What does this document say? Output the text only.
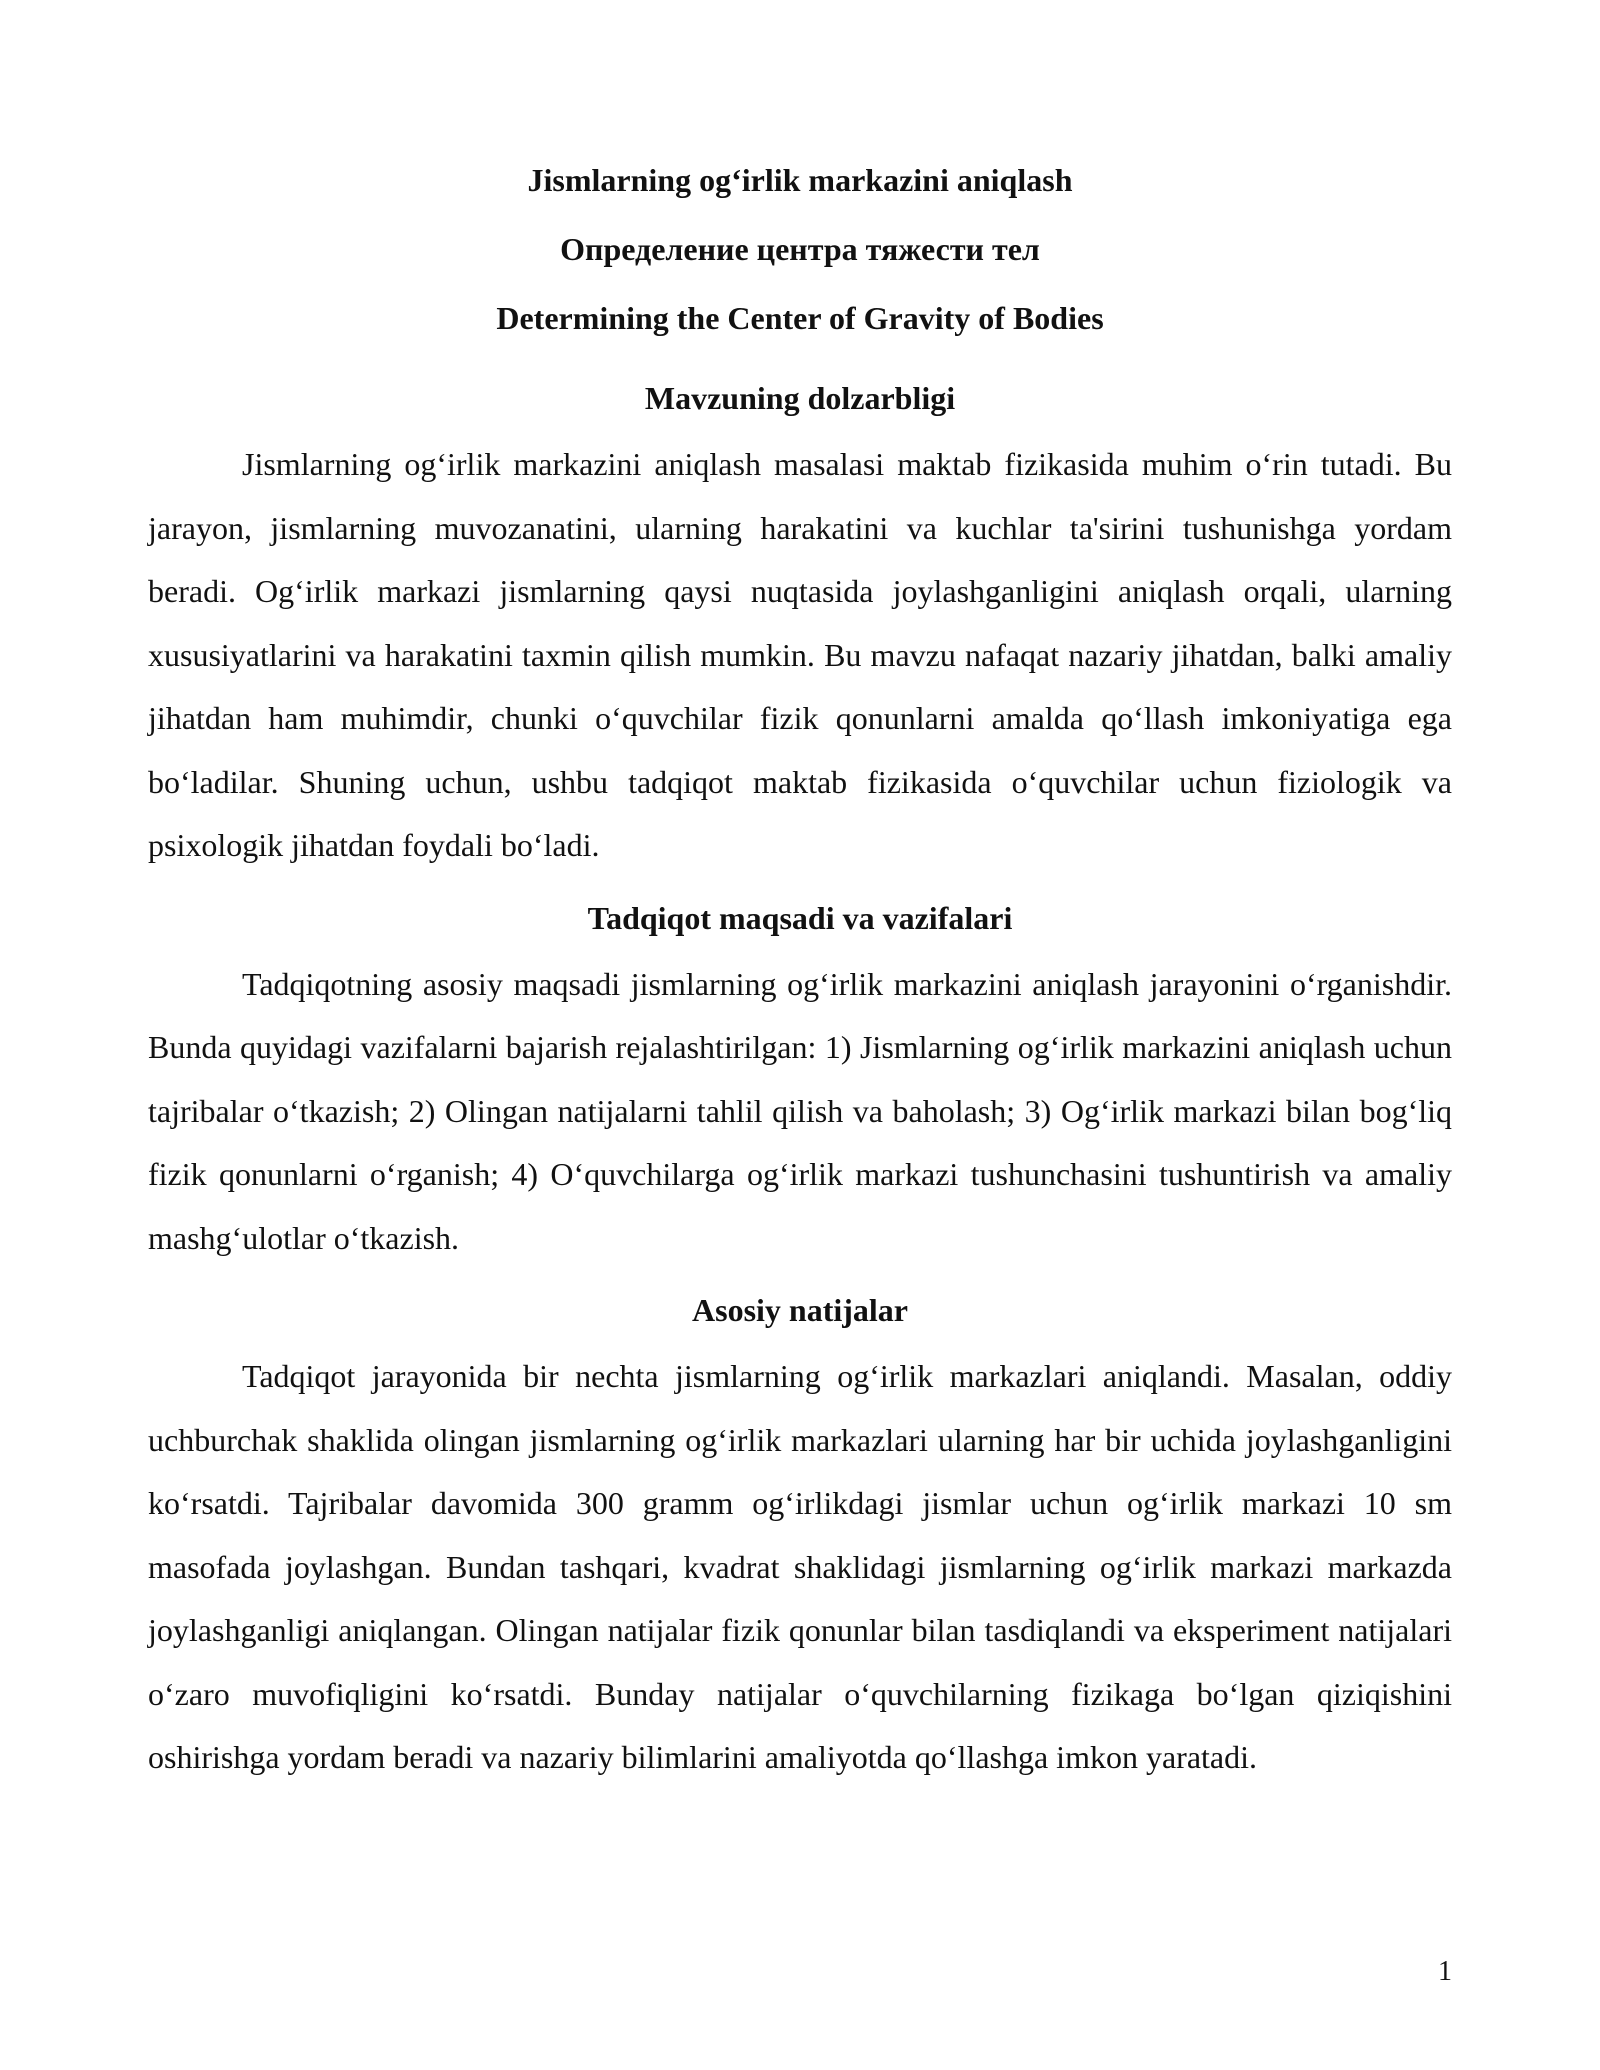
Jismlarning og‘irlik markazini aniqlash

Определение центра тяжести тел

Determining the Center of Gravity of Bodies

Mavzuning dolzarbligi

Jismlarning og‘irlik markazini aniqlash masalasi maktab fizikasida muhim o‘rin tutadi. Bu jarayon, jismlarning muvozanatini, ularning harakatini va kuchlar ta'sirini tushunishga yordam beradi. Og‘irlik markazi jismlarning qaysi nuqtasida joylashganligini aniqlash orqali, ularning xususiyatlarini va harakatini taxmin qilish mumkin. Bu mavzu nafaqat nazariy jihatdan, balki amaliy jihatdan ham muhimdir, chunki o‘quvchilar fizik qonunlarni amalda qo‘llash imkoniyatiga ega bo‘ladilar. Shuning uchun, ushbu tadqiqot maktab fizikasida o‘quvchilar uchun fiziologik va psixologik jihatdan foydali bo‘ladi.

Tadqiqot maqsadi va vazifalari

Tadqiqotning asosiy maqsadi jismlarning og‘irlik markazini aniqlash jarayonini o‘rganishdir. Bunda quyidagi vazifalarni bajarish rejalashtirilgan: 1) Jismlarning og‘irlik markazini aniqlash uchun tajribalar o‘tkazish; 2) Olingan natijalarni tahlil qilish va baholash; 3) Og‘irlik markazi bilan bog‘liq fizik qonunlarni o‘rganish; 4) O‘quvchilarga og‘irlik markazi tushunchasini tushuntirish va amaliy mashg‘ulotlar o‘tkazish.

Asosiy natijalar

Tadqiqot jarayonida bir nechta jismlarning og‘irlik markazlari aniqlandi. Masalan, oddiy uchburchak shaklida olingan jismlarning og‘irlik markazlari ularning har bir uchida joylashganligini ko‘rsatdi. Tajribalar davomida 300 gramm og‘irlikdagi jismlar uchun og‘irlik markazi 10 sm masofada joylashgan. Bundan tashqari, kvadrat shaklidagi jismlarning og‘irlik markazi markazda joylashganligi aniqlangan. Olingan natijalar fizik qonunlar bilan tasdiqlandi va eksperiment natijalari o‘zaro muvofiqligini ko‘rsatdi. Bunday natijalar o‘quvchilarning fizikaga bo‘lgan qiziqishini oshirishga yordam beradi va nazariy bilimlarini amaliyotda qo‘llashga imkon yaratadi.

1
